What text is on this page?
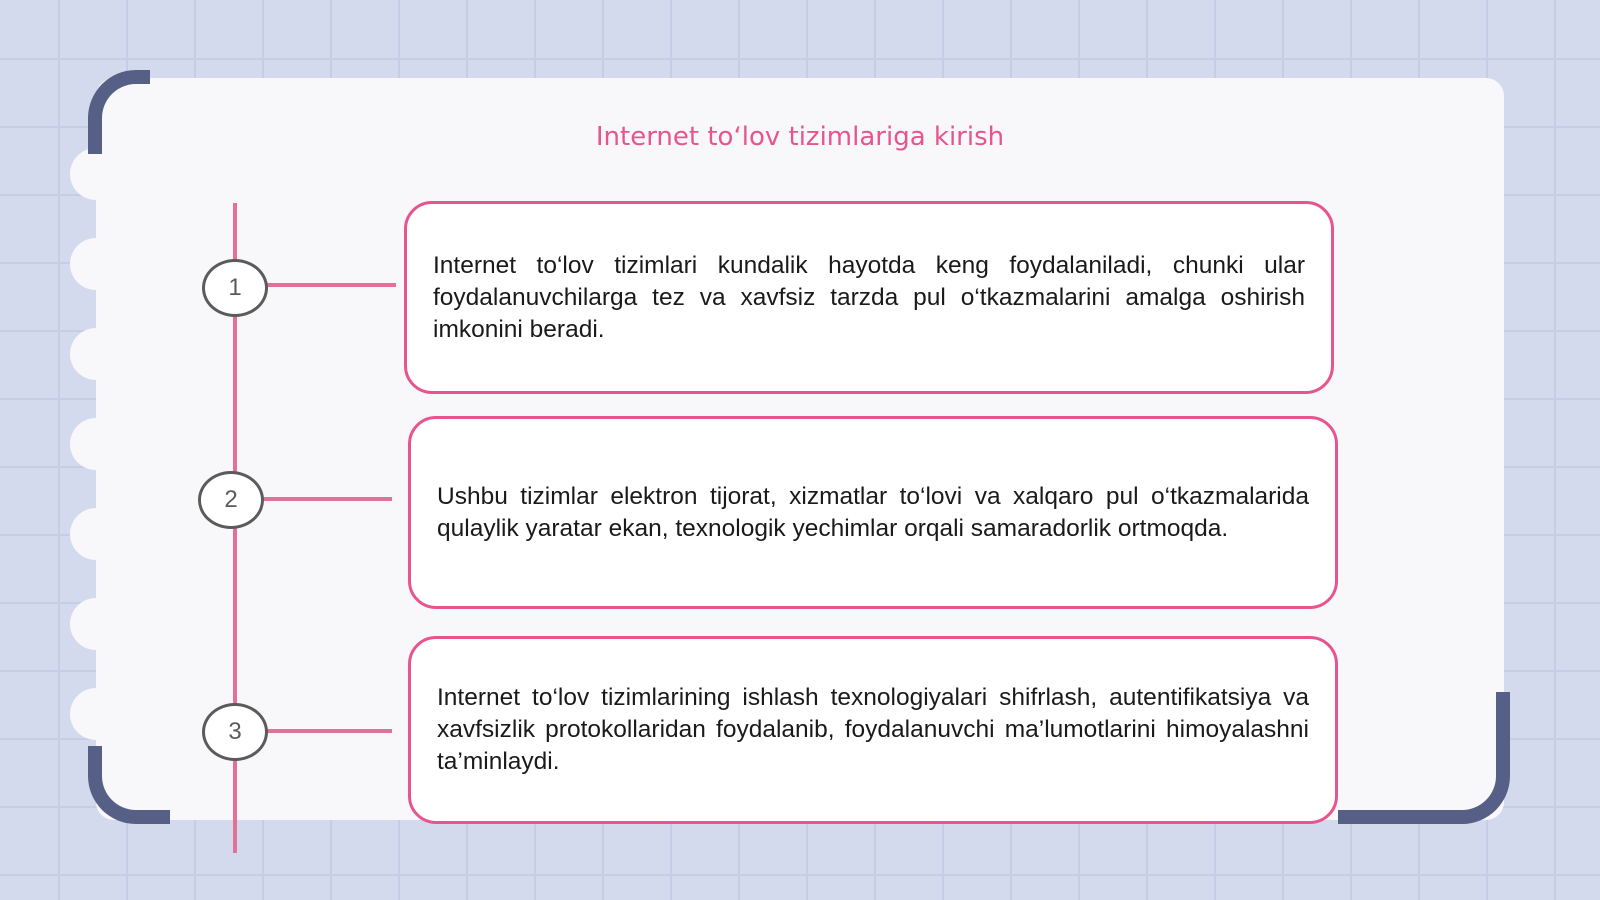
Internet toʻlov tizimlariga kirish
1
2
3

Internet to‘lov tizimlari kundalik hayotda keng foydalaniladi, chunki ular foydalanuvchilarga tez va xavfsiz tarzda pul o‘tkazmalarini amalga oshirish imkonini beradi.

Ushbu tizimlar elektron tijorat, xizmatlar to‘lovi va xalqaro pul o‘tkazmalarida qulaylik yaratar ekan, texnologik yechimlar orqali samaradorlik ortmoqda.

Internet to‘lov tizimlarining ishlash texnologiyalari shifrlash, autentifikatsiya va xavfsizlik protokollaridan foydalanib, foydalanuvchi ma’lumotlarini himoyalashni ta’minlaydi.
